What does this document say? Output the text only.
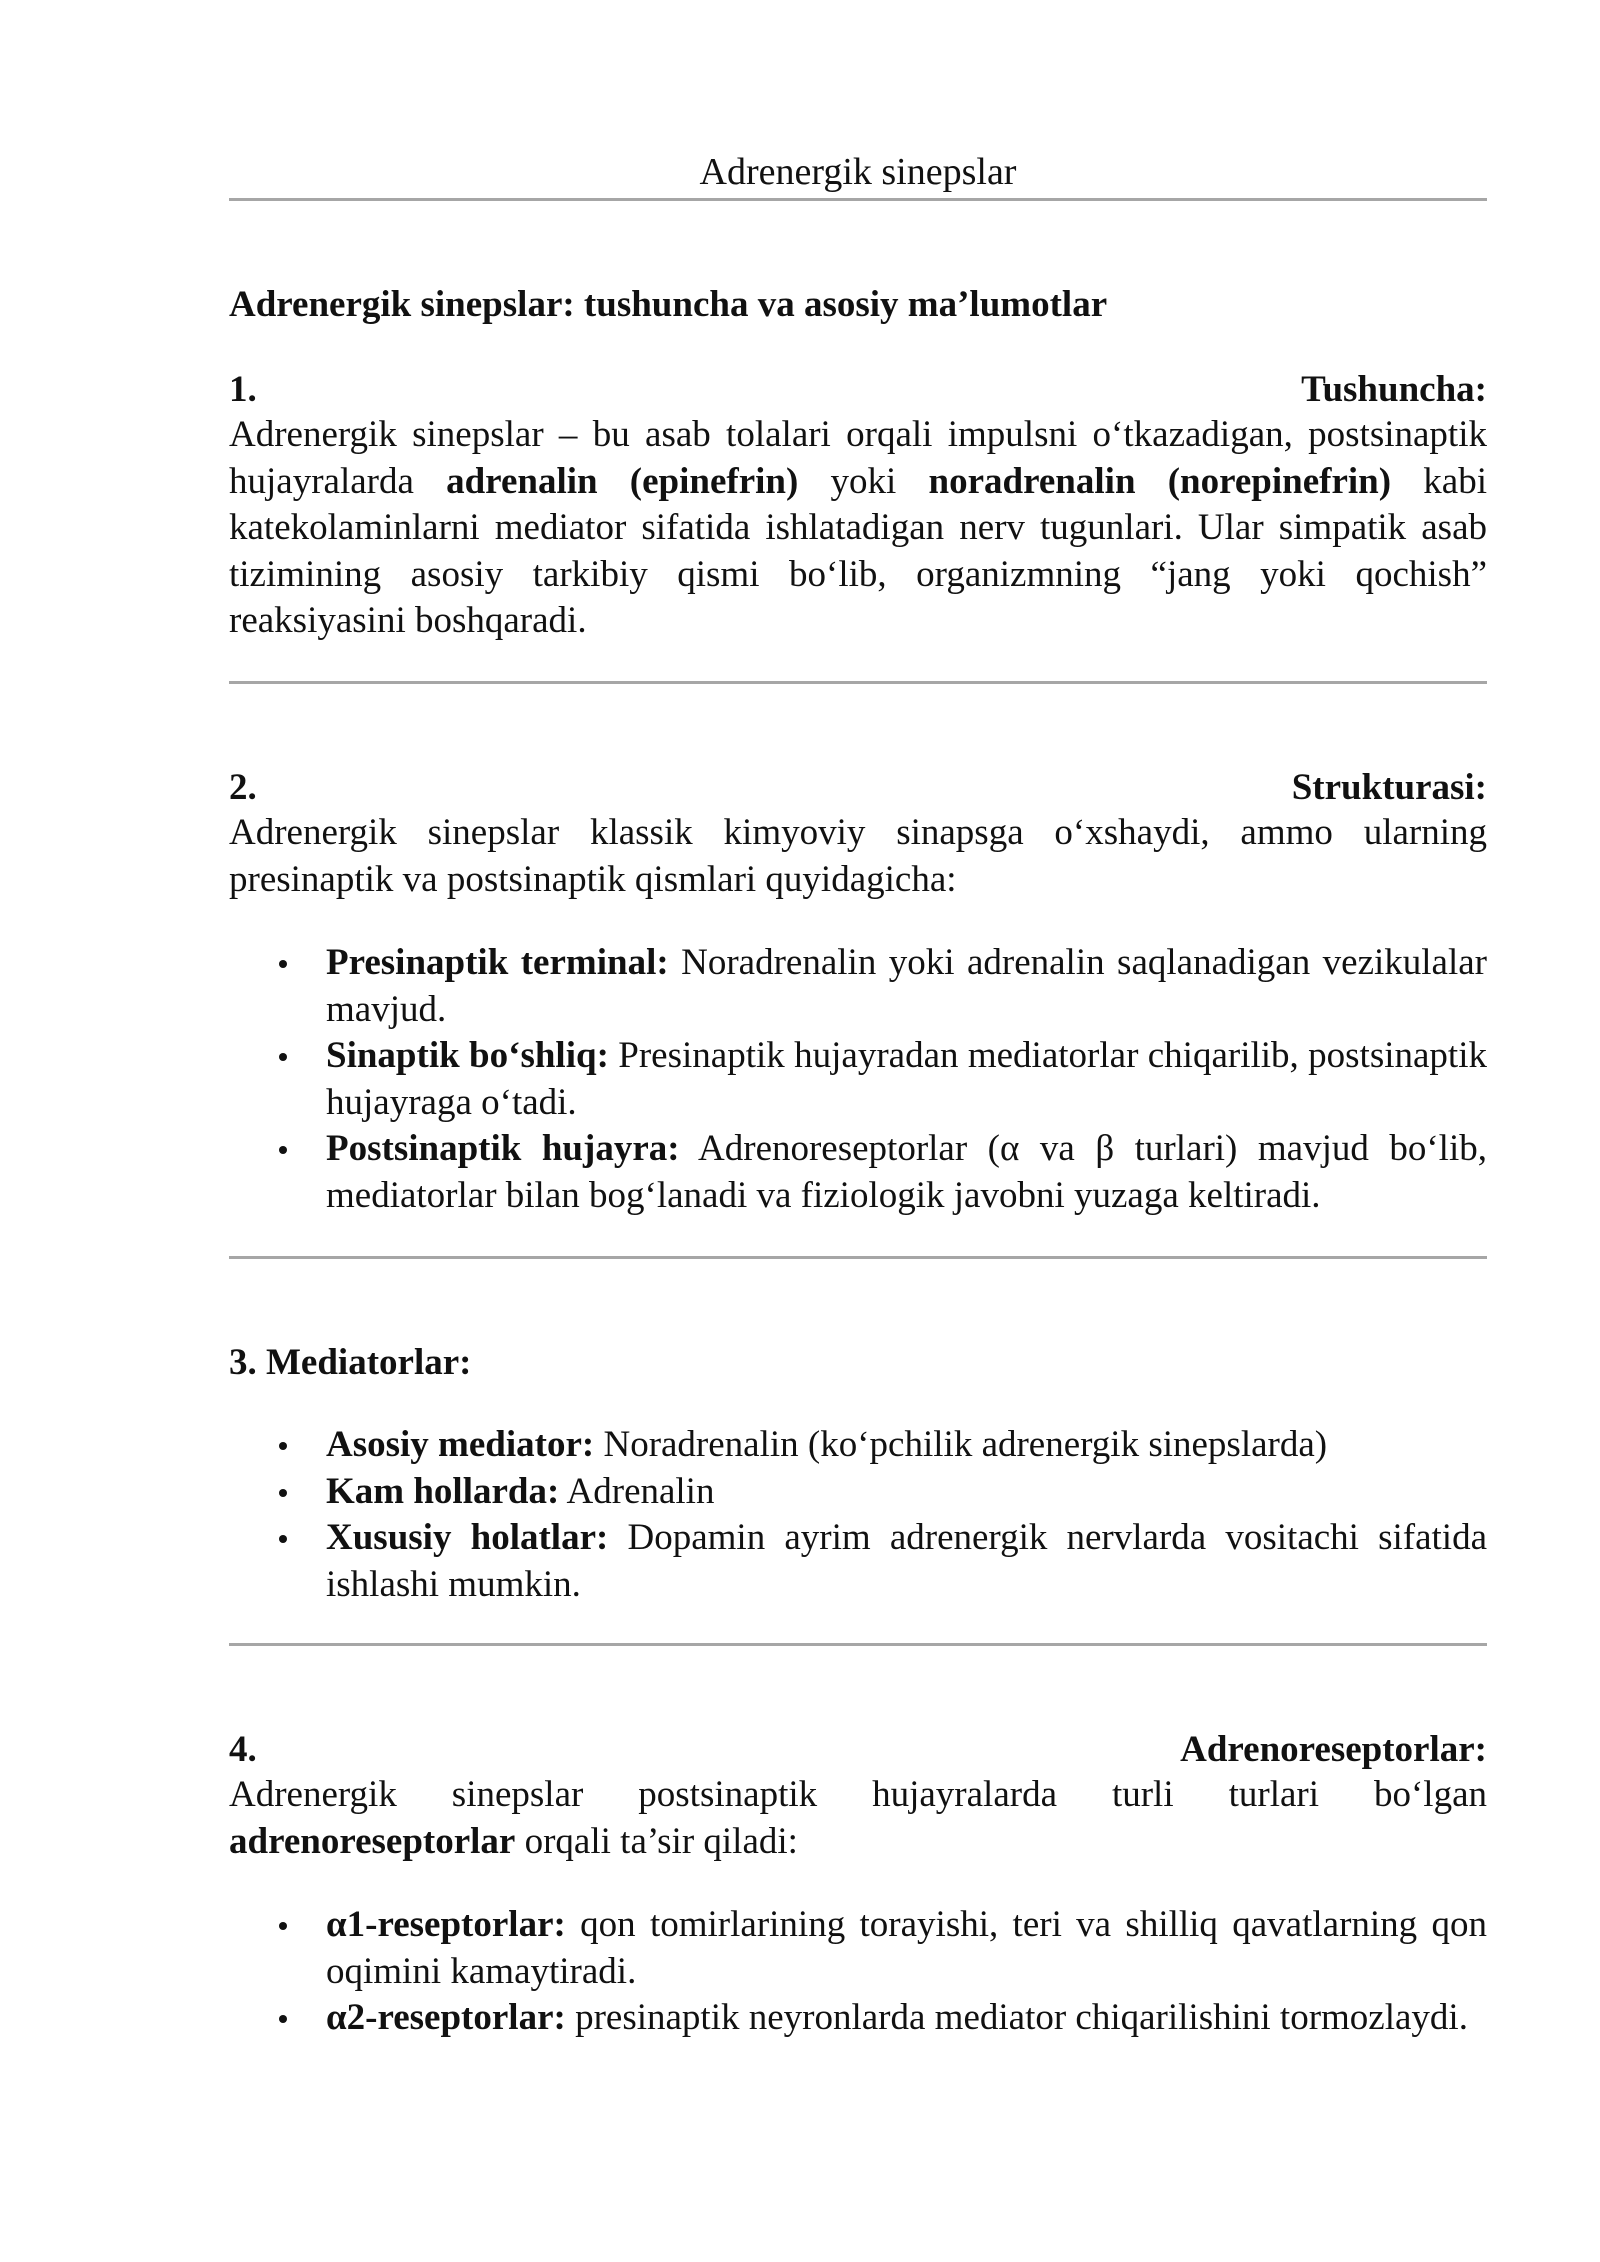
Adrenergik sinepslar
Adrenergik sinepslar: tushuncha va asosiy ma’lumotlar
1.	Tushuncha:
Adrenergik sinepslar – bu asab tolalari orqali impulsni o‘tkazadigan, postsinaptik hujayralarda adrenalin (epinefrin) yoki noradrenalin (norepinefrin) kabi katekolaminlarni mediator sifatida ishlatadigan nerv tugunlari. Ular simpatik asab tizimining asosiy tarkibiy qismi bo‘lib, organizmning “jang yoki qochish” reaksiyasini boshqaradi.
2.	Strukturasi:
Adrenergik sinepslar klassik kimyoviy sinapsga o‘xshaydi, ammo ularning presinaptik va postsinaptik qismlari quyidagicha:
Presinaptik terminal: Noradrenalin yoki adrenalin saqlanadigan vezikulalar mavjud.
Sinaptik bo‘shliq: Presinaptik hujayradan mediatorlar chiqarilib, postsinaptik hujayraga o‘tadi.
Postsinaptik hujayra: Adrenoreseptorlar (α va β turlari) mavjud bo‘lib, mediatorlar bilan bog‘lanadi va fiziologik javobni yuzaga keltiradi.
3. Mediatorlar:
Asosiy mediator: Noradrenalin (ko‘pchilik adrenergik sinepslarda)
Kam hollarda: Adrenalin
Xususiy holatlar: Dopamin ayrim adrenergik nervlarda vositachi sifatida ishlashi mumkin.
4.	Adrenoreseptorlar:
Adrenergik sinepslar postsinaptik hujayralarda turli turlari bo‘lgan adrenoreseptorlar orqali ta’sir qiladi:
α1-reseptorlar: qon tomirlarining torayishi, teri va shilliq qavatlarning qon oqimini kamaytiradi.
α2-reseptorlar: presinaptik neyronlarda mediator chiqarilishini tormozlaydi.
